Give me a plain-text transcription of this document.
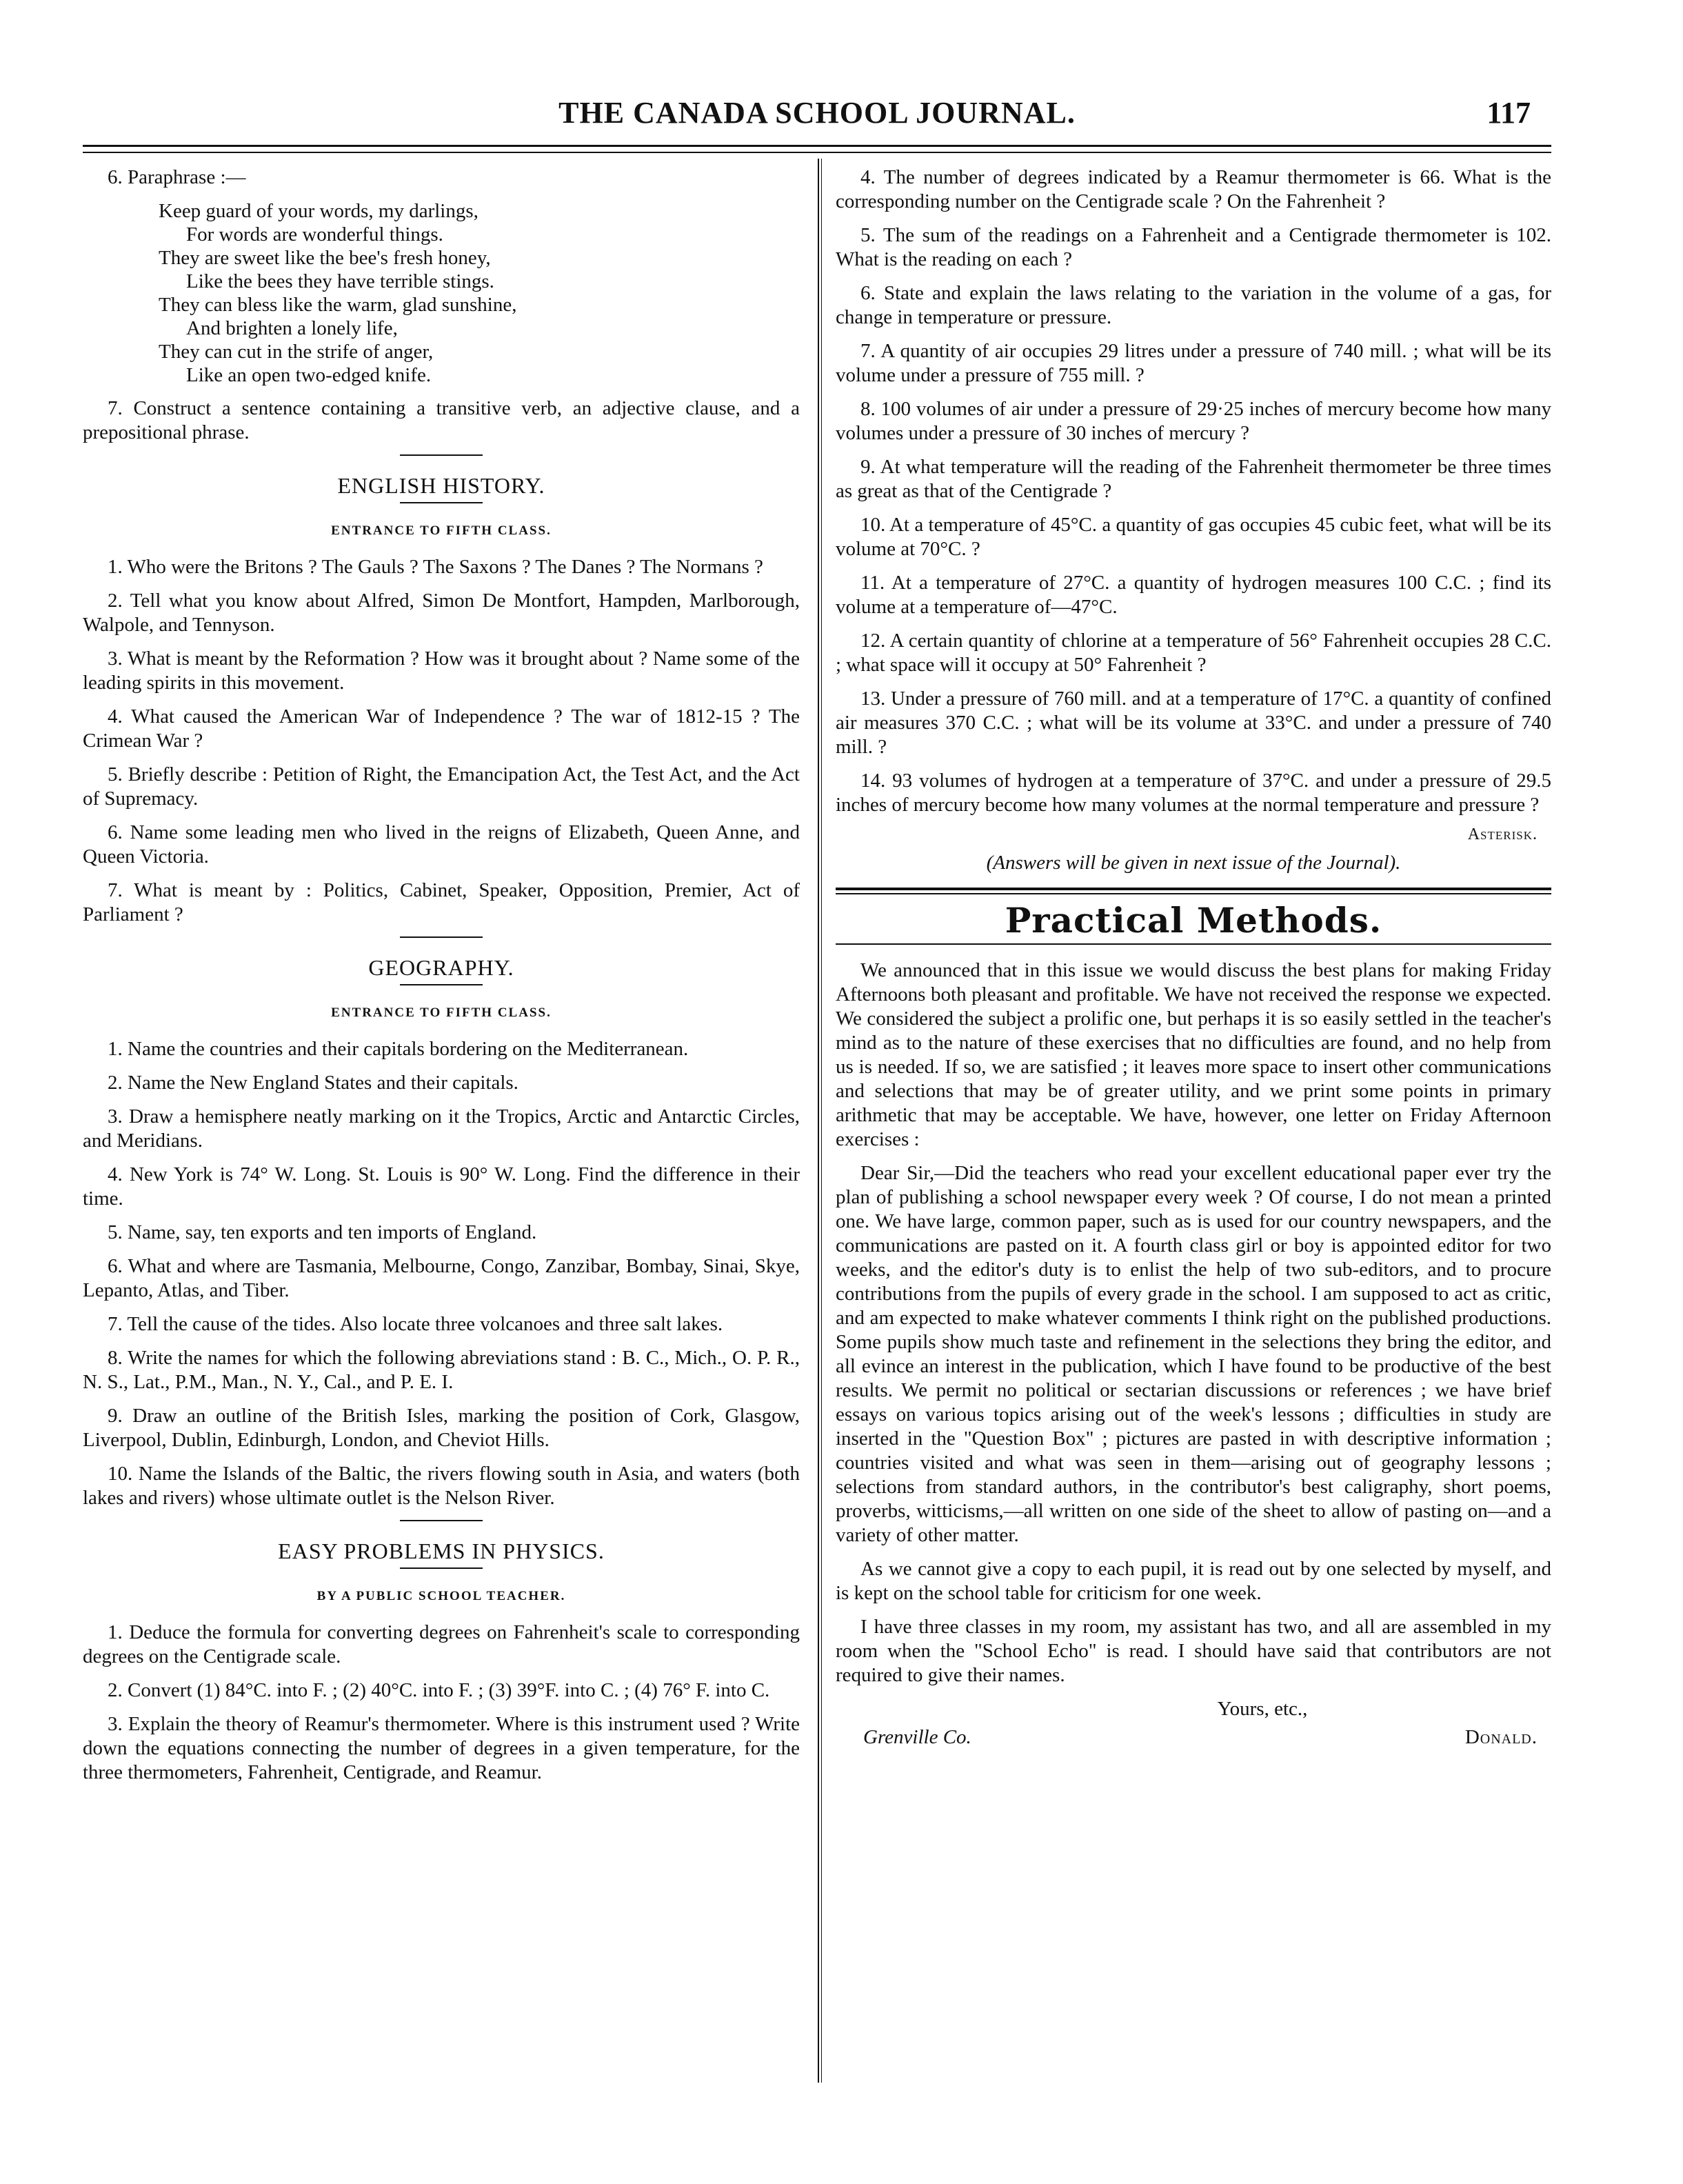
THE CANADA SCHOOL JOURNAL.	117

6. Paraphrase :—

Keep guard of your words, my darlings,
For words are wonderful things.
They are sweet like the bee's fresh honey,
Like the bees they have terrible stings.
They can bless like the warm, glad sunshine,
And brighten a lonely life,
They can cut in the strife of anger,
Like an open two-edged knife.

7. Construct a sentence containing a transitive verb, an adjective clause, and a prepositional phrase.

ENGLISH HISTORY.
ENTRANCE TO FIFTH CLASS.

1. Who were the Britons ? The Gauls ? The Saxons ? The Danes ? The Normans ?

2. Tell what you know about Alfred, Simon De Montfort, Hampden, Marlborough, Walpole, and Tennyson.

3. What is meant by the Reformation ? How was it brought about ? Name some of the leading spirits in this movement.

4. What caused the American War of Independence ? The war of 1812-15 ? The Crimean War ?

5. Briefly describe : Petition of Right, the Emancipation Act, the Test Act, and the Act of Supremacy.

6. Name some leading men who lived in the reigns of Elizabeth, Queen Anne, and Queen Victoria.

7. What is meant by : Politics, Cabinet, Speaker, Opposition, Premier, Act of Parliament ?

GEOGRAPHY.
ENTRANCE TO FIFTH CLASS.

1. Name the countries and their capitals bordering on the Mediterranean.

2. Name the New England States and their capitals.

3. Draw a hemisphere neatly marking on it the Tropics, Arctic and Antarctic Circles, and Meridians.

4. New York is 74° W. Long. St. Louis is 90° W. Long. Find the difference in their time.

5. Name, say, ten exports and ten imports of England.

6. What and where are Tasmania, Melbourne, Congo, Zanzibar, Bombay, Sinai, Skye, Lepanto, Atlas, and Tiber.

7. Tell the cause of the tides. Also locate three volcanoes and three salt lakes.

8. Write the names for which the following abreviations stand : B. C., Mich., O. P. R., N. S., Lat., P.M., Man., N. Y., Cal., and P. E. I.

9. Draw an outline of the British Isles, marking the position of Cork, Glasgow, Liverpool, Dublin, Edinburgh, London, and Cheviot Hills.

10. Name the Islands of the Baltic, the rivers flowing south in Asia, and waters (both lakes and rivers) whose ultimate outlet is the Nelson River.

EASY PROBLEMS IN PHYSICS.
BY A PUBLIC SCHOOL TEACHER.

1. Deduce the formula for converting degrees on Fahrenheit's scale to corresponding degrees on the Centigrade scale.

2. Convert (1) 84°C. into F. ; (2) 40°C. into F. ; (3) 39°F. into C. ; (4) 76° F. into C.

3. Explain the theory of Reamur's thermometer. Where is this instrument used ? Write down the equations connecting the number of degrees in a given temperature, for the three thermometers, Fahrenheit, Centigrade, and Reamur.

4. The number of degrees indicated by a Reamur thermometer is 66. What is the corresponding number on the Centigrade scale ? On the Fahrenheit ?

5. The sum of the readings on a Fahrenheit and a Centigrade thermometer is 102. What is the reading on each ?

6. State and explain the laws relating to the variation in the volume of a gas, for change in temperature or pressure.

7. A quantity of air occupies 29 litres under a pressure of 740 mill. ; what will be its volume under a pressure of 755 mill. ?

8. 100 volumes of air under a pressure of 29·25 inches of mercury become how many volumes under a pressure of 30 inches of mercury ?

9. At what temperature will the reading of the Fahrenheit thermometer be three times as great as that of the Centigrade ?

10. At a temperature of 45°C. a quantity of gas occupies 45 cubic feet, what will be its volume at 70°C. ?

11. At a temperature of 27°C. a quantity of hydrogen measures 100 C.C. ; find its volume at a temperature of—47°C.

12. A certain quantity of chlorine at a temperature of 56° Fahrenheit occupies 28 C.C. ; what space will it occupy at 50° Fahrenheit ?

13. Under a pressure of 760 mill. and at a temperature of 17°C. a quantity of confined air measures 370 C.C. ; what will be its volume at 33°C. and under a pressure of 740 mill. ?

14. 93 volumes of hydrogen at a temperature of 37°C. and under a pressure of 29.5 inches of mercury become how many volumes at the normal temperature and pressure ?

Asterisk.
(Answers will be given in next issue of the Journal).
Practical Methods.

We announced that in this issue we would discuss the best plans for making Friday Afternoons both pleasant and profitable. We have not received the response we expected. We considered the subject a prolific one, but perhaps it is so easily settled in the teacher's mind as to the nature of these exercises that no difficulties are found, and no help from us is needed. If so, we are satisfied ; it leaves more space to insert other communications and selections that may be of greater utility, and we print some points in primary arithmetic that may be acceptable. We have, however, one letter on Friday Afternoon exercises :

Dear Sir,—Did the teachers who read your excellent educational paper ever try the plan of publishing a school newspaper every week ? Of course, I do not mean a printed one. We have large, common paper, such as is used for our country newspapers, and the communications are pasted on it. A fourth class girl or boy is appointed editor for two weeks, and the editor's duty is to enlist the help of two sub-editors, and to procure contributions from the pupils of every grade in the school. I am supposed to act as critic, and am expected to make whatever comments I think right on the published productions. Some pupils show much taste and refinement in the selections they bring the editor, and all evince an interest in the publication, which I have found to be productive of the best results. We permit no political or sectarian discussions or references ; we have brief essays on various topics arising out of the week's lessons ; difficulties in study are inserted in the "Question Box" ; pictures are pasted in with descriptive information ; countries visited and what was seen in them—arising out of geography lessons ; selections from standard authors, in the contributor's best caligraphy, short poems, proverbs, witticisms,—all written on one side of the sheet to allow of pasting on—and a variety of other matter.

As we cannot give a copy to each pupil, it is read out by one selected by myself, and is kept on the school table for criticism for one week.

I have three classes in my room, my assistant has two, and all are assembled in my room when the "School Echo" is read. I should have said that contributors are not required to give their names.

Yours, etc.,
Grenville Co.	Donald.
